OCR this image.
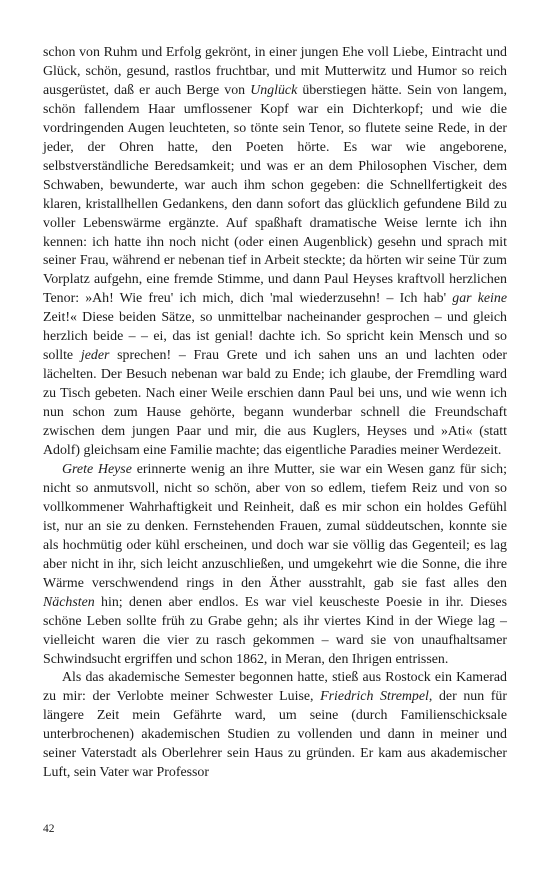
schon von Ruhm und Erfolg gekrönt, in einer jungen Ehe voll Liebe, Eintracht und Glück, schön, gesund, rastlos fruchtbar, und mit Mutterwitz und Humor so reich ausgerüstet, daß er auch Berge von Unglück überstiegen hätte. Sein von langem, schön fallendem Haar umflossener Kopf war ein Dichterkopf; und wie die vordringenden Augen leuchteten, so tönte sein Tenor, so flutete seine Rede, in der jeder, der Ohren hatte, den Poeten hörte. Es war wie angeborene, selbstverständliche Beredsamkeit; und was er an dem Philosophen Vischer, dem Schwaben, bewunderte, war auch ihm schon gegeben: die Schnellfertigkeit des klaren, kristallhellen Gedankens, den dann sofort das glücklich gefundene Bild zu voller Lebenswärme ergänzte. Auf spaßhaft dramatische Weise lernte ich ihn kennen: ich hatte ihn noch nicht (oder einen Augenblick) gesehn und sprach mit seiner Frau, während er nebenan tief in Arbeit steckte; da hörten wir seine Tür zum Vorplatz aufgehn, eine fremde Stimme, und dann Paul Heyses kraftvoll herzlichen Tenor: »Ah! Wie freu' ich mich, dich 'mal wiederzusehn! – Ich hab' gar keine Zeit!« Diese beiden Sätze, so unmittelbar nacheinander gesprochen – und gleich herzlich beide – – ei, das ist genial! dachte ich. So spricht kein Mensch und so sollte jeder sprechen! – Frau Grete und ich sahen uns an und lachten oder lächelten. Der Besuch nebenan war bald zu Ende; ich glaube, der Fremdling ward zu Tisch gebeten. Nach einer Weile erschien dann Paul bei uns, und wie wenn ich nun schon zum Hause gehörte, begann wunderbar schnell die Freundschaft zwischen dem jungen Paar und mir, die aus Kuglers, Heyses und »Ati« (statt Adolf) gleichsam eine Familie machte; das eigentliche Paradies meiner Werdezeit.

Grete Heyse erinnerte wenig an ihre Mutter, sie war ein Wesen ganz für sich; nicht so anmutsvoll, nicht so schön, aber von so edlem, tiefem Reiz und von so vollkommener Wahrhaftigkeit und Reinheit, daß es mir schon ein holdes Gefühl ist, nur an sie zu denken. Fernstehenden Frauen, zumal süddeutschen, konnte sie als hochmütig oder kühl erscheinen, und doch war sie völlig das Gegenteil; es lag aber nicht in ihr, sich leicht anzuschließen, und umgekehrt wie die Sonne, die ihre Wärme verschwendend rings in den Äther ausstrahlt, gab sie fast alles den Nächsten hin; denen aber endlos. Es war viel keuscheste Poesie in ihr. Dieses schöne Leben sollte früh zu Grabe gehn; als ihr viertes Kind in der Wiege lag – vielleicht waren die vier zu rasch gekommen – ward sie von unaufhaltsamer Schwindsucht ergriffen und schon 1862, in Meran, den Ihrigen entrissen.

Als das akademische Semester begonnen hatte, stieß aus Rostock ein Kamerad zu mir: der Verlobte meiner Schwester Luise, Friedrich Strempel, der nun für längere Zeit mein Gefährte ward, um seine (durch Familienschicksale unterbrochenen) akademischen Studien zu vollenden und dann in meiner und seiner Vaterstadt als Oberlehrer sein Haus zu gründen. Er kam aus akademischer Luft, sein Vater war Professor

42
